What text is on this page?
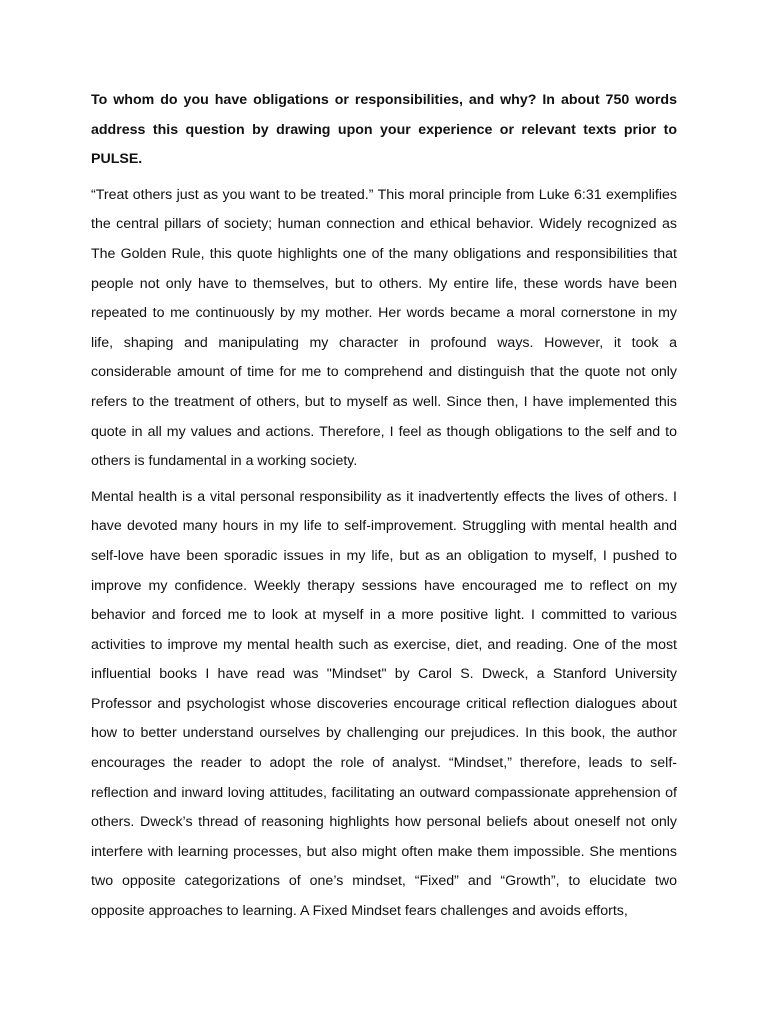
To whom do you have obligations or responsibilities, and why? In about 750 words address this question by drawing upon your experience or relevant texts prior to PULSE.

“Treat others just as you want to be treated.” This moral principle from Luke 6:31 exemplifies the central pillars of society; human connection and ethical behavior. Widely recognized as The Golden Rule, this quote highlights one of the many obligations and responsibilities that people not only have to themselves, but to others. My entire life, these words have been repeated to me continuously by my mother. Her words became a moral cornerstone in my life, shaping and manipulating my character in profound ways. However, it took a considerable amount of time for me to comprehend and distinguish that the quote not only refers to the treatment of others, but to myself as well. Since then, I have implemented this quote in all my values and actions. Therefore, I feel as though obligations to the self and to others is fundamental in a working society.

Mental health is a vital personal responsibility as it inadvertently effects the lives of others. I have devoted many hours in my life to self-improvement. Struggling with mental health and self-love have been sporadic issues in my life, but as an obligation to myself, I pushed to improve my confidence. Weekly therapy sessions have encouraged me to reflect on my behavior and forced me to look at myself in a more positive light. I committed to various activities to improve my mental health such as exercise, diet, and reading. One of the most influential books I have read was "Mindset" by Carol S. Dweck, a Stanford University Professor and psychologist whose discoveries encourage critical reflection dialogues about how to better understand ourselves by challenging our prejudices. In this book, the author encourages the reader to adopt the role of analyst. “Mindset,” therefore, leads to self-reflection and inward loving attitudes, facilitating an outward compassionate apprehension of others. Dweck’s thread of reasoning highlights how personal beliefs about oneself not only interfere with learning processes, but also might often make them impossible. She mentions two opposite categorizations of one’s mindset, “Fixed” and “Growth”, to elucidate two opposite approaches to learning. A Fixed Mindset fears challenges and avoids efforts,
